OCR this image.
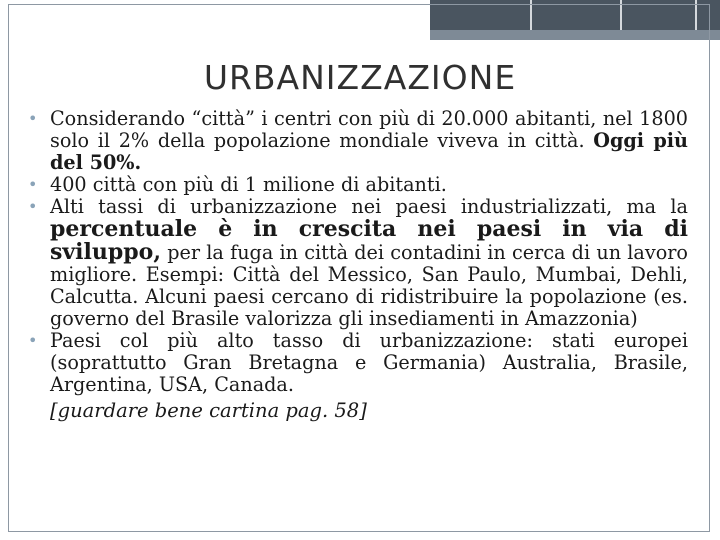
URBANIZZAZIONE
• Considerando “città” i centri con più di 20.000 abitanti, nel 1800 solo il 2% della popolazione mondiale viveva in città. Oggi più del 50%.
• 400 città con più di 1 milione di abitanti.
• Alti tassi di urbanizzazione nei paesi industrializzati, ma la percentuale è in crescita nei paesi in via di sviluppo, per la fuga in città dei contadini in cerca di un lavoro migliore. Esempi: Città del Messico, San Paulo, Mumbai, Dehli, Calcutta. Alcuni paesi cercano di ridistribuire la popolazione (es. governo del Brasile valorizza gli insediamenti in Amazzonia)
• Paesi col più alto tasso di urbanizzazione: stati europei (soprattutto Gran Bretagna e Germania) Australia, Brasile, Argentina, USA, Canada.
[guardare bene cartina pag. 58]
